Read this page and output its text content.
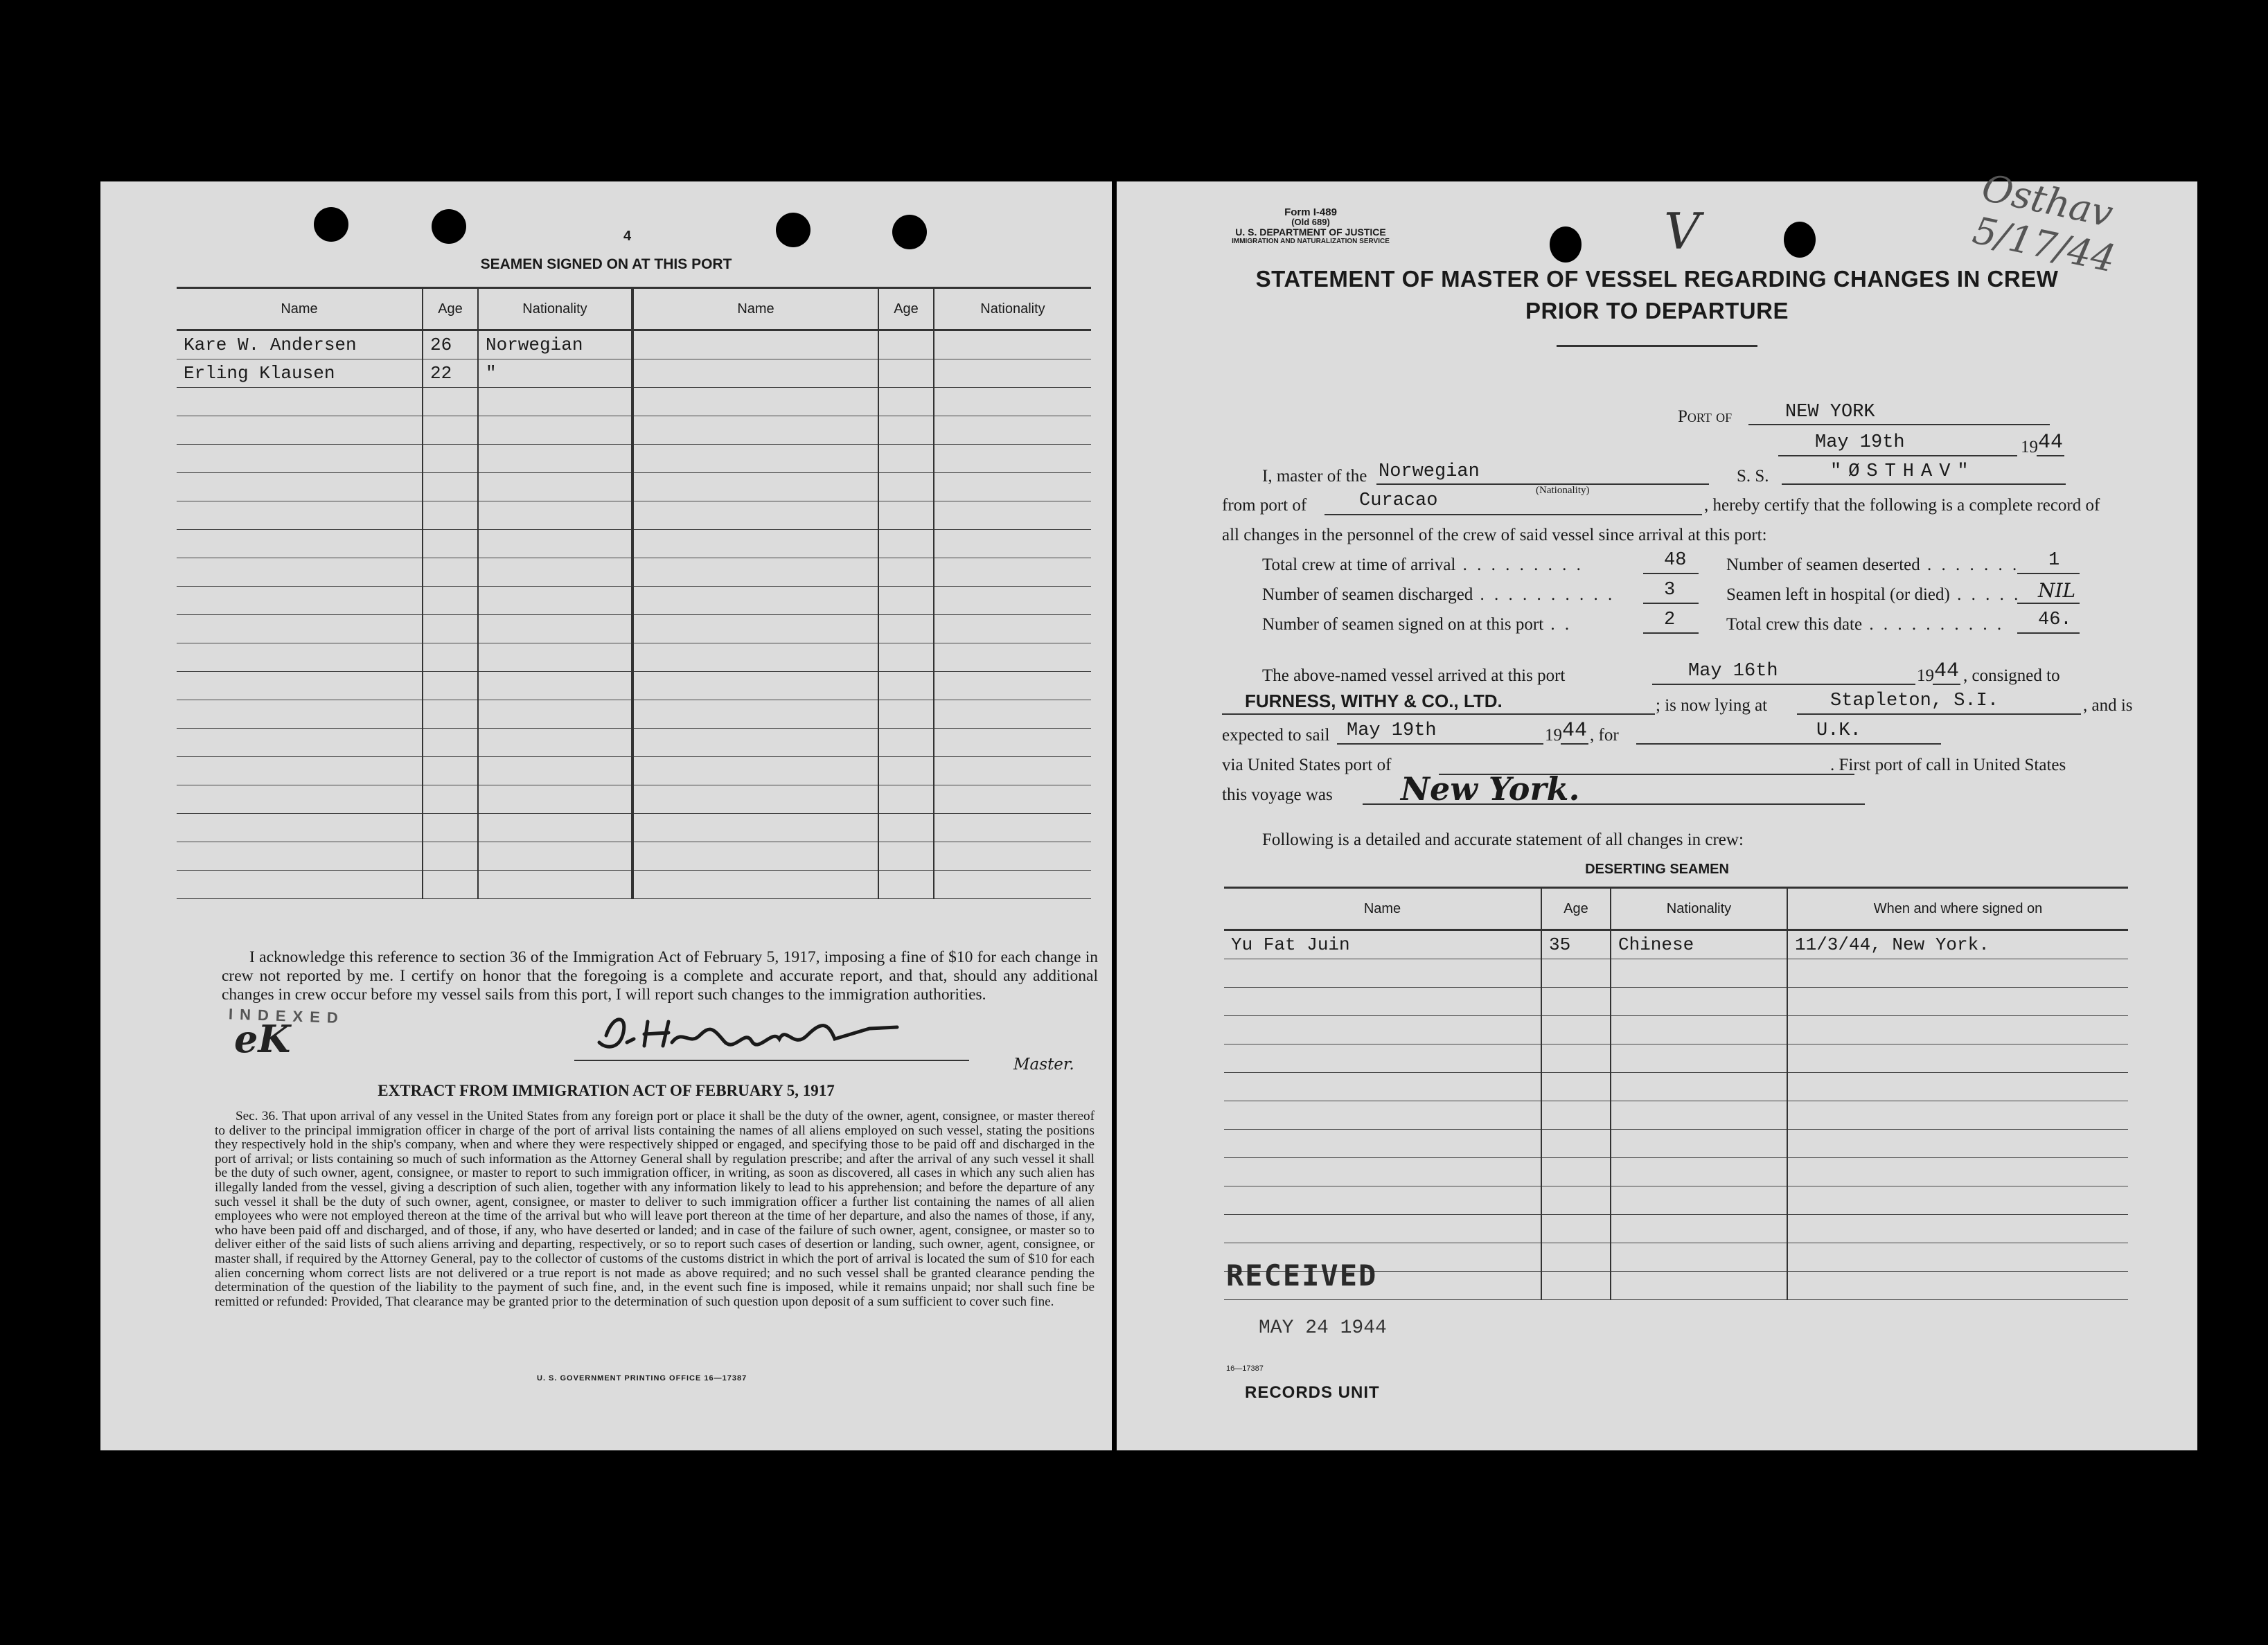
4
SEAMEN SIGNED ON AT THIS PORT
Name	Age	Nationality	Name	Age	Nationality
Kare W. Andersen	26	Norwegian			
Erling Klausen	22	"			

I acknowledge this reference to section 36 of the Immigration Act of February 5, 1917, imposing a fine of $10 for each change in crew not reported by me. I certify on honor that the foregoing is a complete and accurate report, and that, should any additional changes in crew occur before my vessel sails from this port, I will report such changes to the immigration authorities.
INDEXED
eK
Master.
EXTRACT FROM IMMIGRATION ACT OF FEBRUARY 5, 1917
Sec. 36. That upon arrival of any vessel in the United States from any foreign port or place it shall be the duty of the owner, agent, consignee, or master thereof to deliver to the principal immigration officer in charge of the port of arrival lists containing the names of all aliens employed on such vessel, stating the positions they respectively hold in the ship's company, when and where they were respectively shipped or engaged, and specifying those to be paid off and discharged in the port of arrival; or lists containing so much of such information as the Attorney General shall by regulation prescribe; and after the arrival of any such vessel it shall be the duty of such owner, agent, consignee, or master to report to such immigration officer, in writing, as soon as discovered, all cases in which any such alien has illegally landed from the vessel, giving a description of such alien, together with any information likely to lead to his apprehension; and before the departure of any such vessel it shall be the duty of such owner, agent, consignee, or master to deliver to such immigration officer a further list containing the names of all alien employees who were not employed thereon at the time of the arrival but who will leave port thereon at the time of her departure, and also the names of those, if any, who have been paid off and discharged, and of those, if any, who have deserted or landed; and in case of the failure of such owner, agent, consignee, or master so to deliver either of the said lists of such aliens arriving and departing, respectively, or so to report such cases of desertion or landing, such owner, agent, consignee, or master shall, if required by the Attorney General, pay to the collector of customs of the customs district in which the port of arrival is located the sum of $10 for each alien concerning whom correct lists are not delivered or a true report is not made as above required; and no such vessel shall be granted clearance pending the determination of the question of the liability to the payment of such fine, and, in the event such fine is imposed, while it remains unpaid; nor shall such fine be remitted or refunded: Provided, That clearance may be granted prior to the determination of such question upon deposit of a sum sufficient to cover such fine.
U. S. GOVERNMENT PRINTING OFFICE 16—17387
Form I-489
(Old 689)
U. S. DEPARTMENT OF JUSTICE
IMMIGRATION AND NATURALIZATION SERVICE	V	Osthav 5/17/44
STATEMENT OF MASTER OF VESSEL REGARDING CHANGES IN CREW
PRIOR TO DEPARTURE
Port of	NEW YORK
May 19th	19 44
I, master of the Norwegian
(Nationality)
S. S.	"ØSTHAV"
from port of	Curacao	, hereby certify that the following is a complete record of
all changes in the personnel of the crew of said vessel since arrival at this port:
Total crew at time of arrival . . . . . . . . .	48 Number of seamen deserted . . . . . . . 1
Number of seamen discharged . . . . . . . . . .	3	Seamen left in hospital (or died) . . . . . NIL
Number of seamen signed on at this port . .	2	Total crew this date . . . . . . . . . . 46.
The above-named vessel arrived at this port	May 16th	19 44 , consigned to
FURNESS, WITHY & CO., LTD.	; is now lying at	Stapleton, S.I.	, and is
expected to sail May 19th	19 44 , for	U.K.
via United States port of	. First port of call in United States
this voyage was New York.
Following is a detailed and accurate statement of all changes in crew:
DESERTING SEAMEN
Name	Age	Nationality	When and where signed on
Yu Fat Juin	35	Chinese	11/3/44, New York.

RECEIVED
MAY 24 1944
16—17387
RECORDS UNIT
